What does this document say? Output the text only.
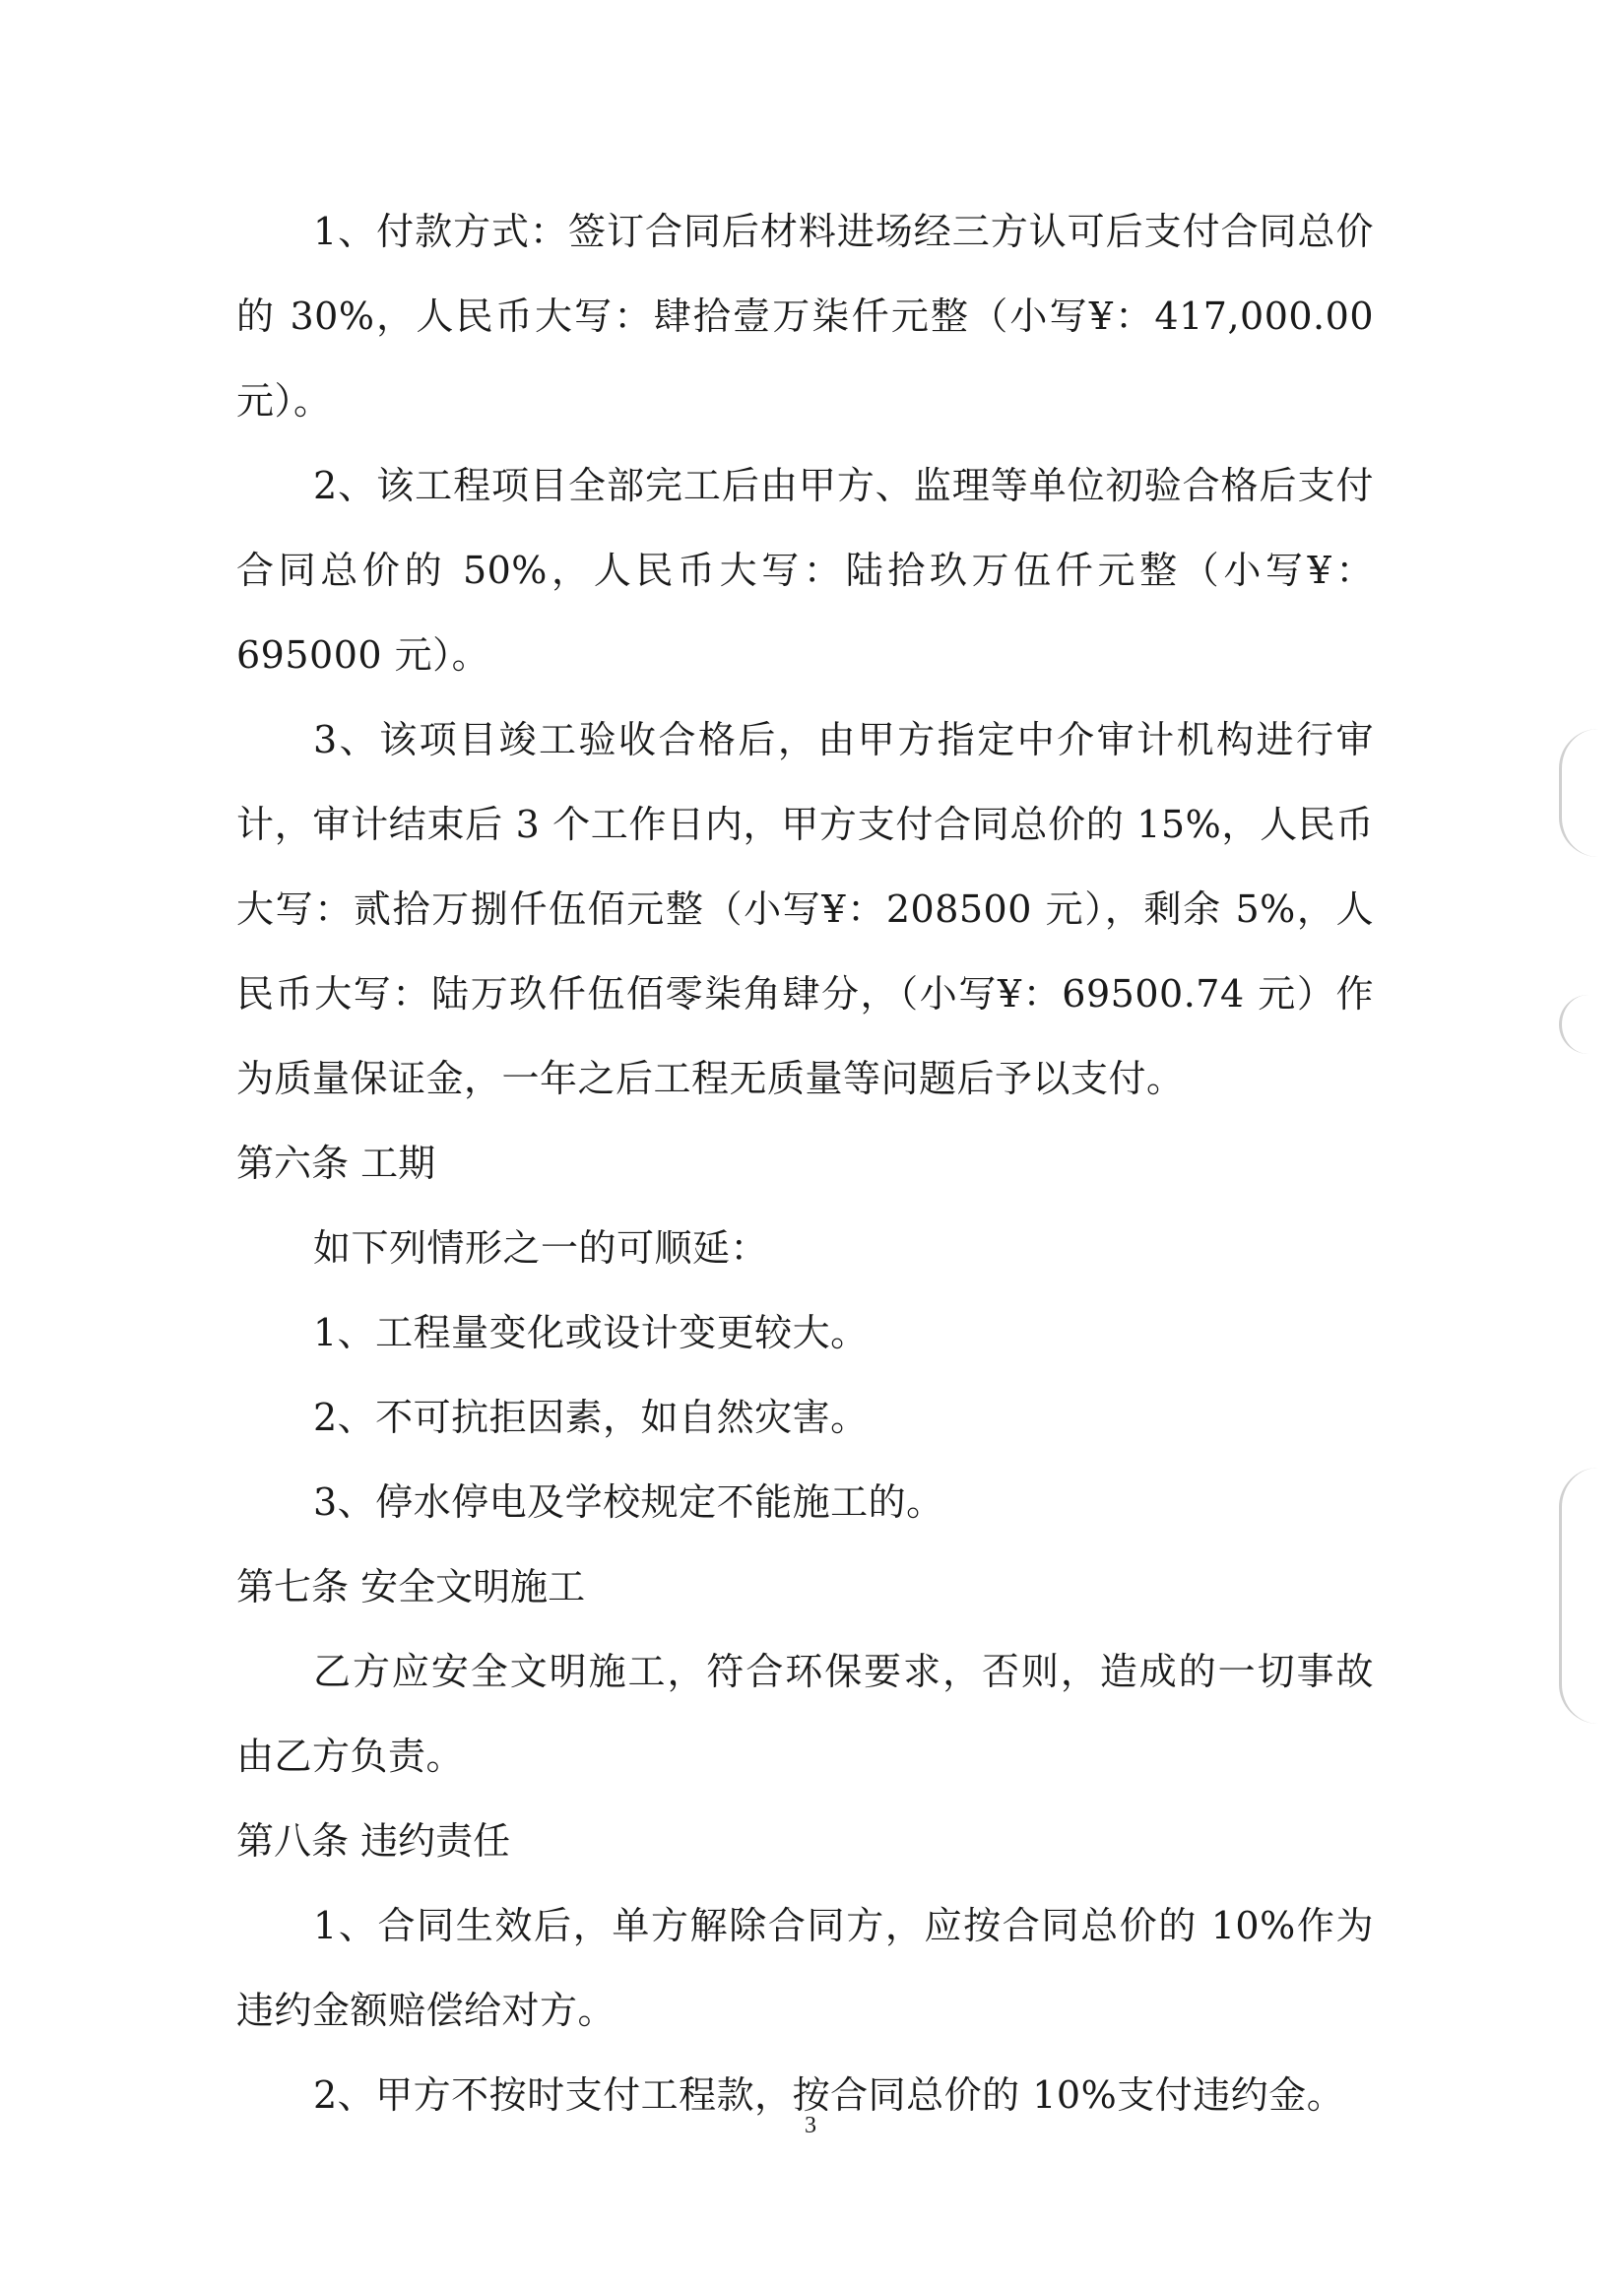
1、付款方式：签订合同后材料进场经三方认可后支付合同总价的 30%，人民币大写：肆拾壹万柒仟元整（小写¥：417,000.00 元）。

2、该工程项目全部完工后由甲方、监理等单位初验合格后支付合同总价的 50%，人民币大写：陆拾玖万伍仟元整（小写¥：695000 元）。

3、该项目竣工验收合格后，由甲方指定中介审计机构进行审计，审计结束后 3 个工作日内，甲方支付合同总价的 15%，人民币大写：贰拾万捌仟伍佰元整（小写¥：208500 元），剩余 5%，人民币大写：陆万玖仟伍佰零柒角肆分，（小写¥：69500.74 元）作为质量保证金，一年之后工程无质量等问题后予以支付。

第六条 工期

如下列情形之一的可顺延：

1、工程量变化或设计变更较大。

2、不可抗拒因素，如自然灾害。

3、停水停电及学校规定不能施工的。

第七条 安全文明施工

乙方应安全文明施工，符合环保要求，否则，造成的一切事故由乙方负责。

第八条 违约责任

1、合同生效后，单方解除合同方，应按合同总价的 10%作为违约金额赔偿给对方。

2、甲方不按时支付工程款，按合同总价的 10%支付违约金。

3
